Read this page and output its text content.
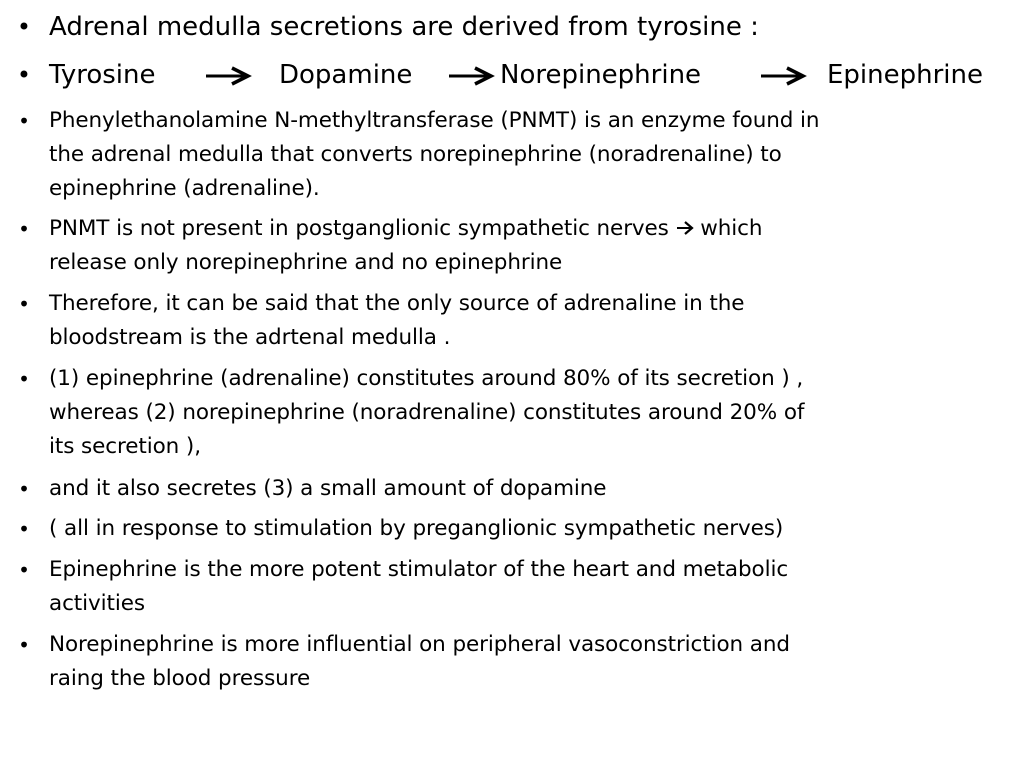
• Adrenal medulla secretions are derived from tyrosine :
• Tyrosine	Dopamine	Norepinephrine	Epinephrine
• Phenylethanolamine N-methyltransferase (PNMT) is an enzyme found in
the adrenal medulla that converts norepinephrine (noradrenaline) to
epinephrine (adrenaline).
• PNMT is not present in postganglionic sympathetic nerves which
release only norepinephrine and no epinephrine
• Therefore, it can be said that the only source of adrenaline in the
bloodstream is the adrtenal medulla .
• (1) epinephrine (adrenaline) constitutes around 80% of its secretion ) ,
whereas (2) norepinephrine (noradrenaline) constitutes around 20% of
its secretion ),
• and it also secretes (3) a small amount of dopamine
• ( all in response to stimulation by preganglionic sympathetic nerves)
• Epinephrine is the more potent stimulator of the heart and metabolic
activities
• Norepinephrine is more influential on peripheral vasoconstriction and
raing the blood pressure
